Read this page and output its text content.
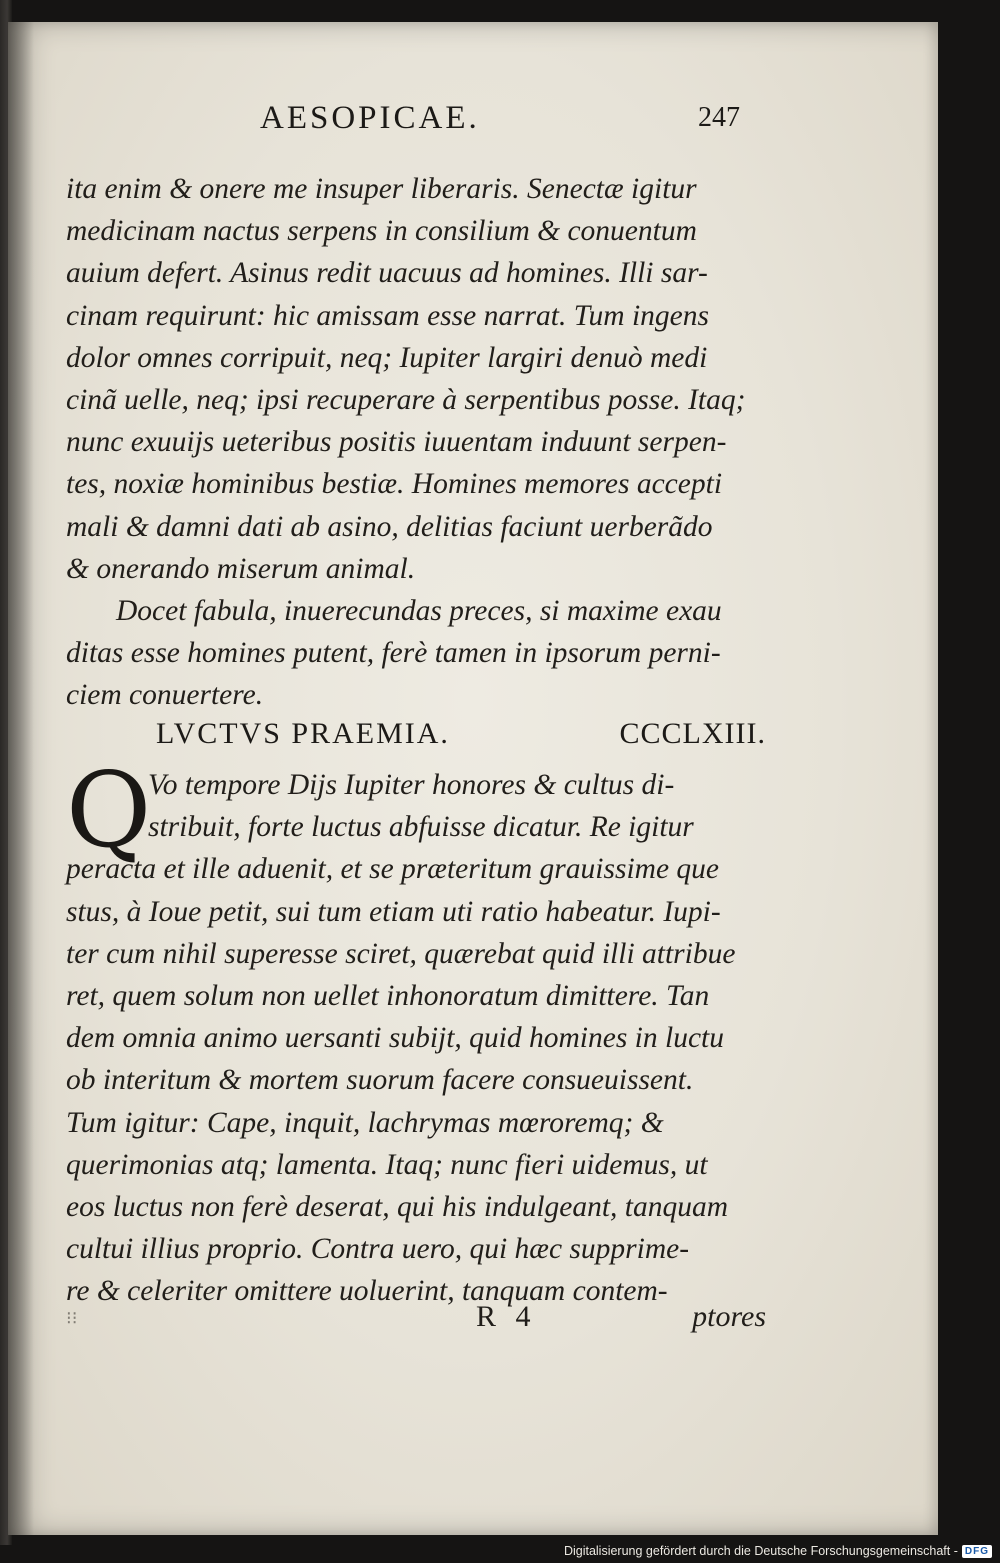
AESOPICAE.	247
ita enim & onere me insuper liberaris. Senectæ igitur
medicinam nactus serpens in consilium & conuentum
auium defert. Asinus redit uacuus ad homines. Illi sar-
cinam requirunt: hic amissam esse narrat. Tum ingens
dolor omnes corripuit, neq; Iupiter largiri denuò medi
cinã uelle, neq; ipsi recuperare à serpentibus posse. Itaq;
nunc exuuijs ueteribus positis iuuentam induunt serpen-
tes, noxiæ hominibus bestiæ. Homines memores accepti
mali & damni dati ab asino, delitias faciunt uerberãdo
& onerando miserum animal.
Docet fabula, inuerecundas preces, si maxime exau
ditas esse homines putent, ferè tamen in ipsorum perni-
ciem conuertere.
LVCTVS PRAEMIA.	CCCLXIII.
Q
Vo tempore Dijs Iupiter honores & cultus di-
stribuit, forte luctus abfuisse dicatur. Re igitur
peracta et ille aduenit, et se præteritum grauissime que
stus, à Ioue petit, sui tum etiam uti ratio habeatur. Iupi-
ter cum nihil superesse sciret, quærebat quid illi attribue
ret, quem solum non uellet inhonoratum dimittere. Tan
dem omnia animo uersanti subijt, quid homines in luctu
ob interitum & mortem suorum facere consueuissent.
Tum igitur: Cape, inquit, lachrymas mœroremq; &
querimonias atq; lamenta. Itaq; nunc fieri uidemus, ut
eos luctus non ferè deserat, qui his indulgeant, tanquam
cultui illius proprio. Contra uero, qui hæc supprime-
re & celeriter omittere uoluerint, tanquam contem-
⁝⁝	R 4	ptores
Digitalisierung gefördert durch die Deutsche Forschungsgemeinschaft - DFG
